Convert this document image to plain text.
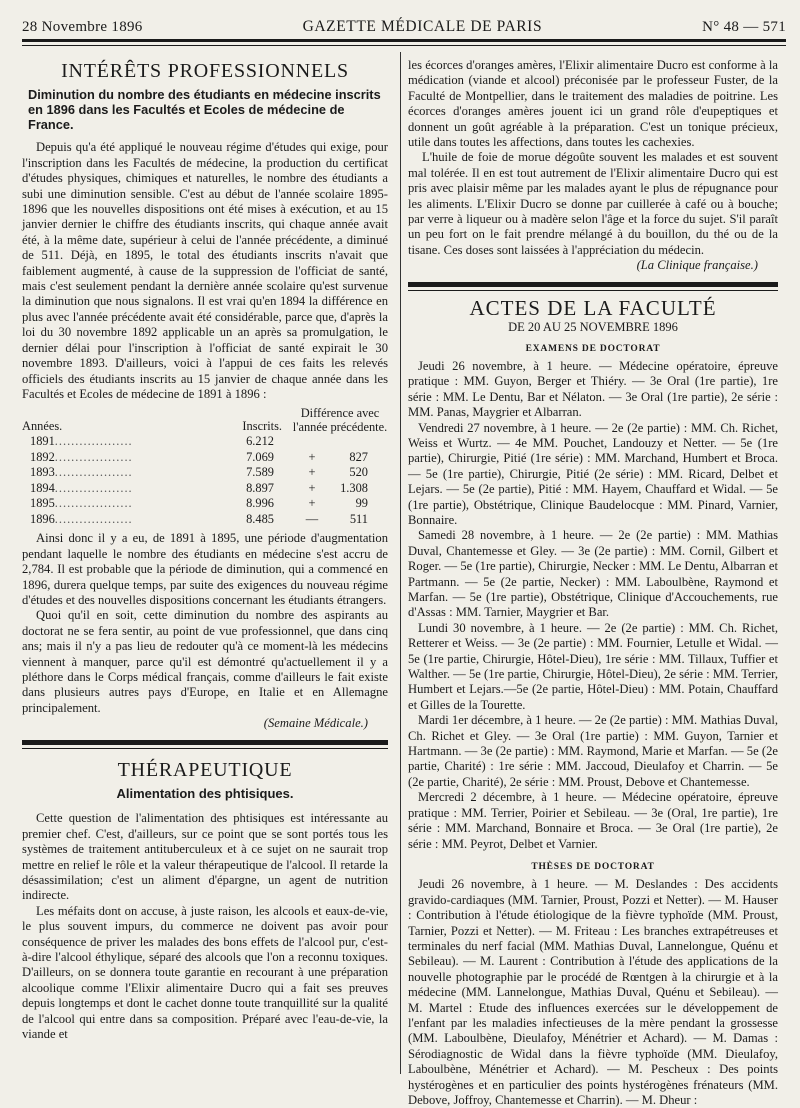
28 Novembre 1896	GAZETTE MÉDICALE DE PARIS	N° 48 — 571
INTÉRÊTS PROFESSIONNELS

Diminution du nombre des étudiants en médecine inscrits en 1896 dans les Facultés et Ecoles de médecine de France.

Depuis qu'a été appliqué le nouveau régime d'études qui exige, pour l'inscription dans les Facultés de médecine, la production du certificat d'études physiques, chimiques et naturelles, le nombre des étudiants a subi une diminution sensible. C'est au début de l'année scolaire 1895-1896 que les nouvelles dispositions ont été mises à exécution, et au 15 janvier dernier le chiffre des étudiants inscrits, qui chaque année avait été, à la même date, supérieur à celui de l'année précédente, a diminué de 511. Déjà, en 1895, le total des étudiants inscrits n'avait que faiblement augmenté, à cause de la suppression de l'officiat de santé, mais c'est seulement pendant la dernière année scolaire qu'est survenue la diminution que nous signalons. Il est vrai qu'en 1894 la différence en plus avec l'année précédente avait été considérable, parce que, d'après la loi du 30 novembre 1892 applicable un an après sa promulgation, le dernier délai pour l'inscription à l'officiat de santé expirait le 30 novembre 1893. D'ailleurs, voici à l'appui de ces faits les relevés officiels des étudiants inscrits au 15 janvier de chaque année dans les Facultés et Ecoles de médecine de 1891 à 1896 :

Années.	Inscrits.	Différence avec l'année précédente.	
1891...................	6.212		
1892...................	7.069	+	827
1893...................	7.589	+	520
1894...................	8.897	+	1.308
1895...................	8.996	+	99
1896...................	8.485	—	511

Ainsi donc il y a eu, de 1891 à 1895, une période d'augmentation pendant laquelle le nombre des étudiants en médecine s'est accru de 2,784. Il est probable que la période de diminution, qui a commencé en 1896, durera quelque temps, par suite des exigences du nouveau régime d'études et des nouvelles dispositions concernant les étudiants étrangers.

Quoi qu'il en soit, cette diminution du nombre des aspirants au doctorat ne se fera sentir, au point de vue professionnel, que dans cinq ans; mais il n'y a pas lieu de redouter qu'à ce moment-là les médecins viennent à manquer, parce qu'il est démontré qu'actuellement il y a pléthore dans le Corps médical français, comme d'ailleurs le fait existe dans plusieurs autres pays d'Europe, en Italie et en Allemagne principalement.

(Semaine Médicale.)

THÉRAPEUTIQUE

Alimentation des phtisiques.

Cette question de l'alimentation des phtisiques est intéressante au premier chef. C'est, d'ailleurs, sur ce point que se sont portés tous les systèmes de traitement antituberculeux et à ce sujet on ne saurait trop mettre en relief le rôle et la valeur thérapeutique de l'alcool. Il retarde la désassimilation; c'est un aliment d'épargne, un agent de nutrition indirecte.

Les méfaits dont on accuse, à juste raison, les alcools et eaux-de-vie, le plus souvent impurs, du commerce ne doivent pas avoir pour conséquence de priver les malades des bons effets de l'alcool pur, c'est-à-dire l'alcool éthylique, séparé des alcools que l'on a reconnu toxiques. D'ailleurs, on se donnera toute garantie en recourant à une préparation alcoolique comme l'Elixir alimentaire Ducro qui a fait ses preuves depuis longtemps et dont le cachet donne toute tranquillité sur la qualité de l'alcool qui entre dans sa composition. Préparé avec l'eau-de-vie, la viande et

les écorces d'oranges amères, l'Elixir alimentaire Ducro est conforme à la médication (viande et alcool) préconisée par le professeur Fuster, de la Faculté de Montpellier, dans le traitement des maladies de poitrine. Les écorces d'oranges amères jouent ici un grand rôle d'eupeptiques et donnent un goût agréable à la préparation. C'est un tonique précieux, utile dans toutes les affections, dans toutes les cachexies.

L'huile de foie de morue dégoûte souvent les malades et est souvent mal tolérée. Il en est tout autrement de l'Elixir alimentaire Ducro qui est pris avec plaisir même par les malades ayant le plus de répugnance pour les aliments. L'Elixir Ducro se donne par cuillerée à café ou à bouche; par verre à liqueur ou à madère selon l'âge et la force du sujet. S'il paraît un peu fort on le fait prendre mélangé à du bouillon, du thé ou de la tisane. Ces doses sont laissées à l'appréciation du médecin.

(La Clinique française.)

ACTES DE LA FACULTÉ
DE 20 AU 25 NOVEMBRE 1896
EXAMENS DE DOCTORAT

Jeudi 26 novembre, à 1 heure. — Médecine opératoire, épreuve pratique : MM. Guyon, Berger et Thiéry. — 3e Oral (1re partie), 1re série : MM. Le Dentu, Bar et Nélaton. — 3e Oral (1re partie), 2e série : MM. Panas, Maygrier et Albarran.

Vendredi 27 novembre, à 1 heure. — 2e (2e partie) : MM. Ch. Richet, Weiss et Wurtz. — 4e MM. Pouchet, Landouzy et Netter. — 5e (1re partie), Chirurgie, Pitié (1re série) : MM. Marchand, Humbert et Broca. — 5e (1re partie), Chirurgie, Pitié (2e série) : MM. Ricard, Delbet et Lejars. — 5e (2e partie), Pitié : MM. Hayem, Chauffard et Widal. — 5e (1re partie), Obstétrique, Clinique Baudelocque : MM. Pinard, Varnier, Bonnaire.

Samedi 28 novembre, à 1 heure. — 2e (2e partie) : MM. Mathias Duval, Chantemesse et Gley. — 3e (2e partie) : MM. Cornil, Gilbert et Roger. — 5e (1re partie), Chirurgie, Necker : MM. Le Dentu, Albarran et Partmann. — 5e (2e partie, Necker) : MM. Laboulbène, Raymond et Marfan. — 5e (1re partie), Obstétrique, Clinique d'Accouchements, rue d'Assas : MM. Tarnier, Maygrier et Bar.

Lundi 30 novembre, à 1 heure. — 2e (2e partie) : MM. Ch. Richet, Retterer et Weiss. — 3e (2e partie) : MM. Fournier, Letulle et Widal. — 5e (1re partie, Chirurgie, Hôtel-Dieu), 1re série : MM. Tillaux, Tuffier et Walther. — 5e (1re partie, Chirurgie, Hôtel-Dieu), 2e série : MM. Terrier, Humbert et Lejars.—5e (2e partie, Hôtel-Dieu) : MM. Potain, Chauffard et Gilles de la Tourette.

Mardi 1er décembre, à 1 heure. — 2e (2e partie) : MM. Mathias Duval, Ch. Richet et Gley. — 3e Oral (1re partie) : MM. Guyon, Tarnier et Hartmann. — 3e (2e partie) : MM. Raymond, Marie et Marfan. — 5e (2e partie, Charité) : 1re série : MM. Jaccoud, Dieulafoy et Charrin. — 5e (2e partie, Charité), 2e série : MM. Proust, Debove et Chantemesse.

Mercredi 2 décembre, à 1 heure. — Médecine opératoire, épreuve pratique : MM. Terrier, Poirier et Sebileau. — 3e (Oral, 1re partie), 1re série : MM. Marchand, Bonnaire et Broca. — 3e Oral (1re partie), 2e série : MM. Peyrot, Delbet et Varnier.

THÈSES DE DOCTORAT

Jeudi 26 novembre, à 1 heure. — M. Deslandes : Des accidents gravido-cardiaques (MM. Tarnier, Proust, Pozzi et Netter). — M. Hauser : Contribution à l'étude étiologique de la fièvre typhoïde (MM. Proust, Tarnier, Pozzi et Netter). — M. Friteau : Les branches extrapétreuses et terminales du nerf facial (MM. Mathias Duval, Lannelongue, Quénu et Sebileau). — M. Laurent : Contribution à l'étude des applications de la nouvelle photographie par le procédé de Rœntgen à la chirurgie et à la médecine (MM. Lannelongue, Mathias Duval, Quénu et Sebileau). — M. Martel : Etude des influences exercées sur le développement de l'enfant par les maladies infectieuses de la mère pendant la grossesse (MM. Laboulbène, Dieulafoy, Ménétrier et Achard). — M. Damas : Sérodiagnostic de Widal dans la fièvre typhoïde (MM. Dieulafoy, Laboulbène, Ménétrier et Achard). — M. Pescheux : Des points hystérogènes et en particulier des points hystérogènes frénateurs (MM. Debove, Joffroy, Chantemesse et Charrin). — M. Dheur :
